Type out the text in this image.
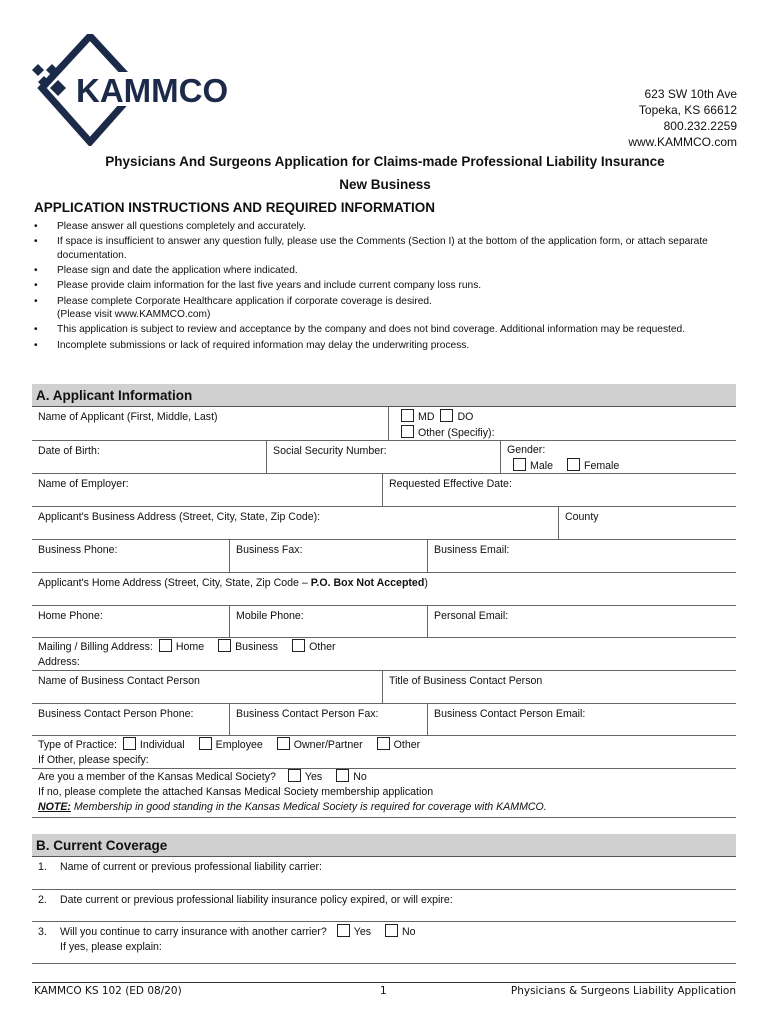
KAMMCO	623 SW 10th Ave
Topeka, KS 66612
800.232.2259
www.KAMMCO.com
Physicians And Surgeons Application for Claims-made Professional Liability Insurance
New Business
APPLICATION INSTRUCTIONS AND REQUIRED INFORMATION
• Please answer all questions completely and accurately.
• If space is insufficient to answer any question fully, please use the Comments (Section I) at the bottom of the application form, or attach separate documentation.
• Please sign and date the application where indicated.
• Please provide claim information for the last five years and include current company loss runs.
• Please complete Corporate Healthcare application if corporate coverage is desired.
(Please visit www.KAMMCO.com)
• This application is subject to review and acceptance by the company and does not bind coverage. Additional information may be requested.
• Incomplete submissions or lack of required information may delay the underwriting process.
A. Applicant Information
Name of Applicant (First, Middle, Last)	MD DO
Other (Specifiy):
Date of Birth:	Social Security Number:	Gender:
Male	Female
Name of Employer:	Requested Effective Date:
Applicant's Business Address (Street, City, State, Zip Code):	County
Business Phone:	Business Fax:	Business Email:
Applicant's Home Address (Street, City, State, Zip Code – P.O. Box Not Accepted)
Home Phone:	Mobile Phone:	Personal Email:
Mailing / Billing Address: Home	Business	Other
Address:
Name of Business Contact Person	Title of Business Contact Person
Business Contact Person Phone:	Business Contact Person Fax:	Business Contact Person Email:
Type of Practice: Individual	Employee	Owner/Partner	Other
If Other, please specify:
Are you a member of the Kansas Medical Society?	Yes	No
If no, please complete the attached Kansas Medical Society membership application
NOTE: Membership in good standing in the Kansas Medical Society is required for coverage with KAMMCO.
B. Current Coverage
1. Name of current or previous professional liability carrier:
2. Date current or previous professional liability insurance policy expired, or will expire:
3. Will you continue to carry insurance with another carrier?	Yes	No
If yes, please explain:
KAMMCO KS 102 (ED 08/20)	1	Physicians & Surgeons Liability Application
